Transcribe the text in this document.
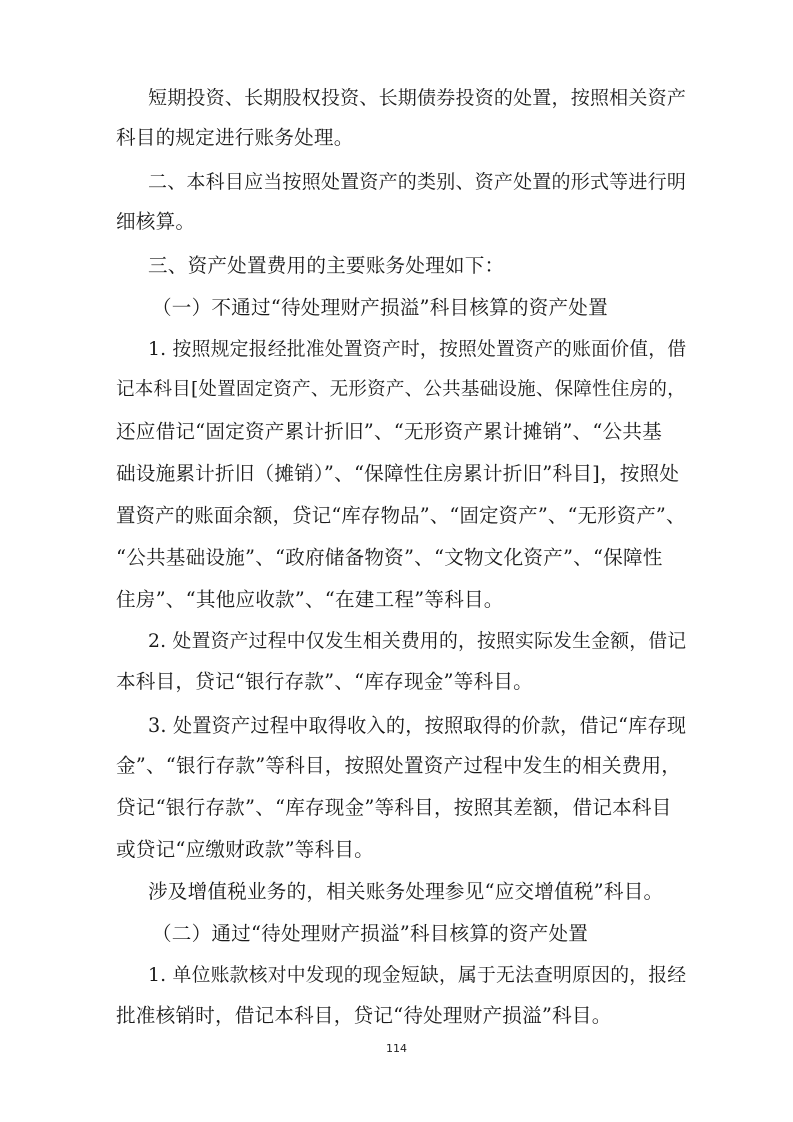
短期投资、长期股权投资、长期债券投资的处置，按照相关资产
科目的规定进行账务处理。
二、本科目应当按照处置资产的类别、资产处置的形式等进行明
细核算。
三、资产处置费用的主要账务处理如下：
（一）不通过“待处理财产损溢”科目核算的资产处置
1. 按照规定报经批准处置资产时，按照处置资产的账面价值，借
记本科目[处置固定资产、无形资产、公共基础设施、保障性住房的，
还应借记“固定资产累计折旧”、“无形资产累计摊销”、“公共基
础设施累计折旧（摊销）”、“保障性住房累计折旧”科目]，按照处
置资产的账面余额，贷记“库存物品”、“固定资产”、“无形资产”、
“公共基础设施”、“政府储备物资”、“文物文化资产”、“保障性
住房”、“其他应收款”、“在建工程”等科目。
2. 处置资产过程中仅发生相关费用的，按照实际发生金额，借记
本科目，贷记“银行存款”、“库存现金”等科目。
3. 处置资产过程中取得收入的，按照取得的价款，借记“库存现
金”、“银行存款”等科目，按照处置资产过程中发生的相关费用，
贷记“银行存款”、“库存现金”等科目，按照其差额，借记本科目
或贷记“应缴财政款”等科目。
涉及增值税业务的，相关账务处理参见“应交增值税”科目。
（二）通过“待处理财产损溢”科目核算的资产处置
1. 单位账款核对中发现的现金短缺，属于无法查明原因的，报经
批准核销时，借记本科目，贷记“待处理财产损溢”科目。
114
